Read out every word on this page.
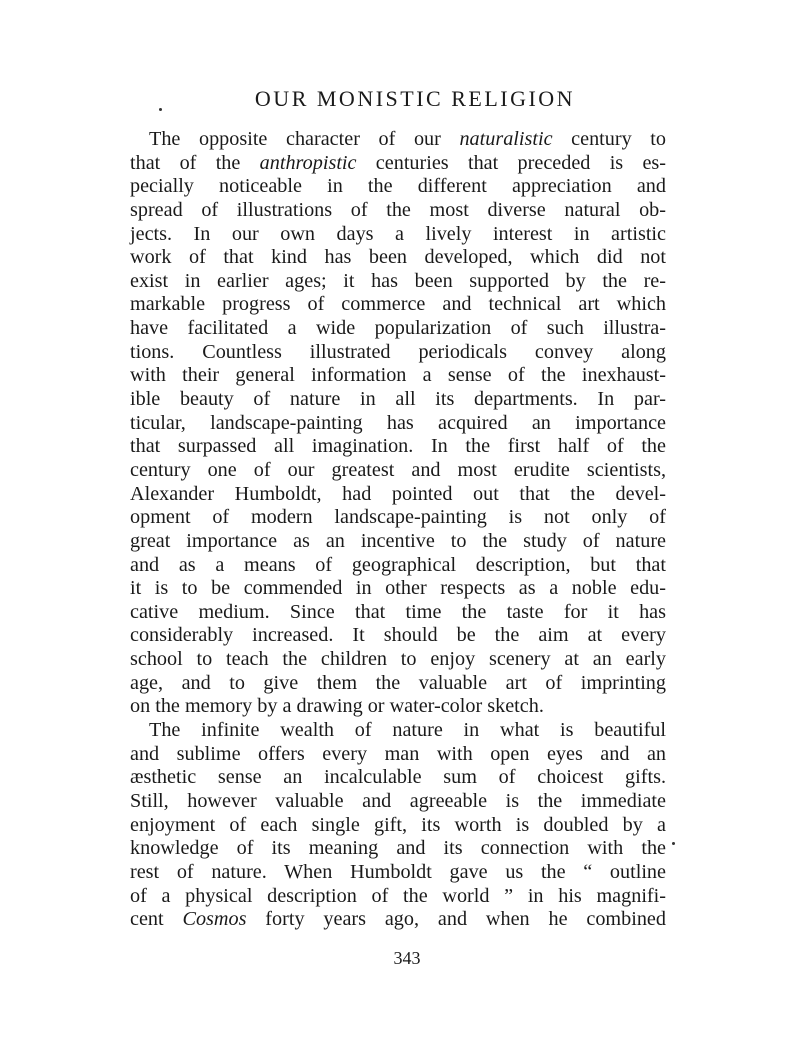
OUR MONISTIC RELIGION
The opposite character of our naturalistic century to
that of the anthropistic centuries that preceded is es-
pecially noticeable in the different appreciation and
spread of illustrations of the most diverse natural ob-
jects. In our own days a lively interest in artistic
work of that kind has been developed, which did not
exist in earlier ages; it has been supported by the re-
markable progress of commerce and technical art which
have facilitated a wide popularization of such illustra-
tions. Countless illustrated periodicals convey along
with their general information a sense of the inexhaust-
ible beauty of nature in all its departments. In par-
ticular, landscape-painting has acquired an importance
that surpassed all imagination. In the first half of the
century one of our greatest and most erudite scientists,
Alexander Humboldt, had pointed out that the devel-
opment of modern landscape-painting is not only of
great importance as an incentive to the study of nature
and as a means of geographical description, but that
it is to be commended in other respects as a noble edu-
cative medium. Since that time the taste for it has
considerably increased. It should be the aim at every
school to teach the children to enjoy scenery at an early
age, and to give them the valuable art of imprinting
on the memory by a drawing or water-color sketch.
The infinite wealth of nature in what is beautiful
and sublime offers every man with open eyes and an
æsthetic sense an incalculable sum of choicest gifts.
Still, however valuable and agreeable is the immediate
enjoyment of each single gift, its worth is doubled by a
knowledge of its meaning and its connection with the
rest of nature. When Humboldt gave us the “ outline
of a physical description of the world ” in his magnifi-
cent Cosmos forty years ago, and when he combined
343
